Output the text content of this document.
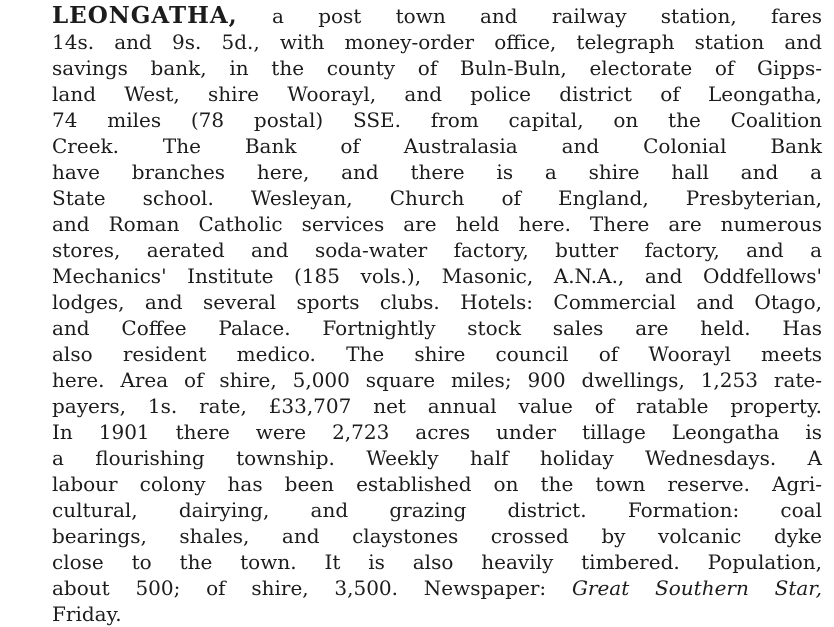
LEONGATHA, a post town and railway station, fares
14s. and 9s. 5d., with money-order office, telegraph station and
savings bank, in the county of Buln-Buln, electorate of Gipps-
land West, shire Woorayl, and police district of Leongatha,
74 miles (78 postal) SSE. from capital, on the Coalition
Creek. The Bank of Australasia and Colonial Bank
have branches here, and there is a shire hall and a
State school. Wesleyan, Church of England, Presbyterian,
and Roman Catholic services are held here. There are numerous
stores, aerated and soda-water factory, butter factory, and a
Mechanics' Institute (185 vols.), Masonic, A.N.A., and Oddfellows'
lodges, and several sports clubs. Hotels: Commercial and Otago,
and Coffee Palace. Fortnightly stock sales are held. Has
also resident medico. The shire council of Woorayl meets
here. Area of shire, 5,000 square miles; 900 dwellings, 1,253 rate-
payers, 1s. rate, £33,707 net annual value of ratable property.
In 1901 there were 2,723 acres under tillage Leongatha is
a flourishing township. Weekly half holiday Wednesdays. A
labour colony has been established on the town reserve. Agri-
cultural, dairying, and grazing district. Formation: coal
bearings, shales, and claystones crossed by volcanic dyke
close to the town. It is also heavily timbered. Population,
about 500; of shire, 3,500. Newspaper: Great Southern Star,
Friday.
